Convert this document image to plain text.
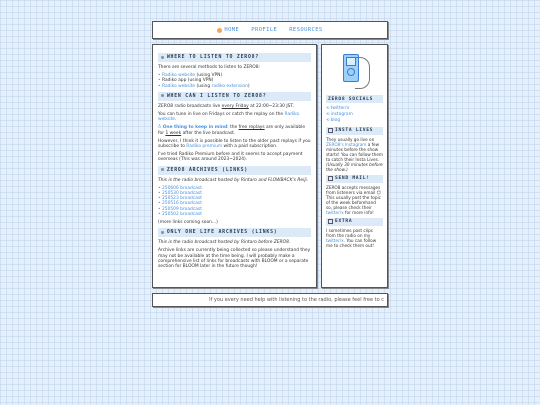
HOME PROFILE RESOURCES
⊙ WHERE TO LISTEN TO ZERO8?

There are several methods to listen to ZERO8:

• Radiko website (using VPN)
• Radiko app (using VPN)
• Radiko website (using radiko extension)
⊙ WHEN CAN I LISTEN TO ZERO8?

ZERO8 radio broadcasts live every Friday at 22:00~23:30 JST.

You can tune in live on Fridays or catch the replay on the Radiko website.

♁ One thing to keep in mind: the free replays are only available for 1 week after the live broadcast.

However, I think it is possible to listen to the older past replays if you subscribe to Radiko premium with a paid subscription.

I've tried Radiko Premium before and it seems to accept payment overseas (This was around 2023~2024).

⊙ ZERO8 ARCHIVES (LINKS)

This is the radio broadcast hosted by Rintaro and FLOWBACK's Reiji.

• 250606 broadcast
• 250530 broadcast
• 250523 broadcast
• 250516 broadcast
• 250509 broadcast
• 250502 broadcast

(more links coming soon...)

⊙ ONLY ONE LIFE ARCHIVES (LINKS)

This is the radio broadcast hosted by Rintaro before ZERO8.

Archive links are currently being collected so please understand they may not be available at the time being. I will probably make a comprehensive list of links for broadcasts with BLOOM or a separate section for BLOOM later in the future though!

ZERO8 SOCIALS
⟲ twitter/x
⟲ instagram
⟲ blog
INSTA LIVES

They usually go live on ZERO8's Instagram a few minutes before the show starts! You can follow them to catch their Insta Lives. (Usually 30 minutes before the show.)

SEND MAIL!

ZERO8 accepts messages from listeners via email 😊 This usually post the topic of the week beforehand so, please check their twitter/x for more info!

EXTRA

I sometimes post clips from the radio on my twitter/x. You can follow me to check them out!

If you every need help with listening to the radio, please feel free to c
